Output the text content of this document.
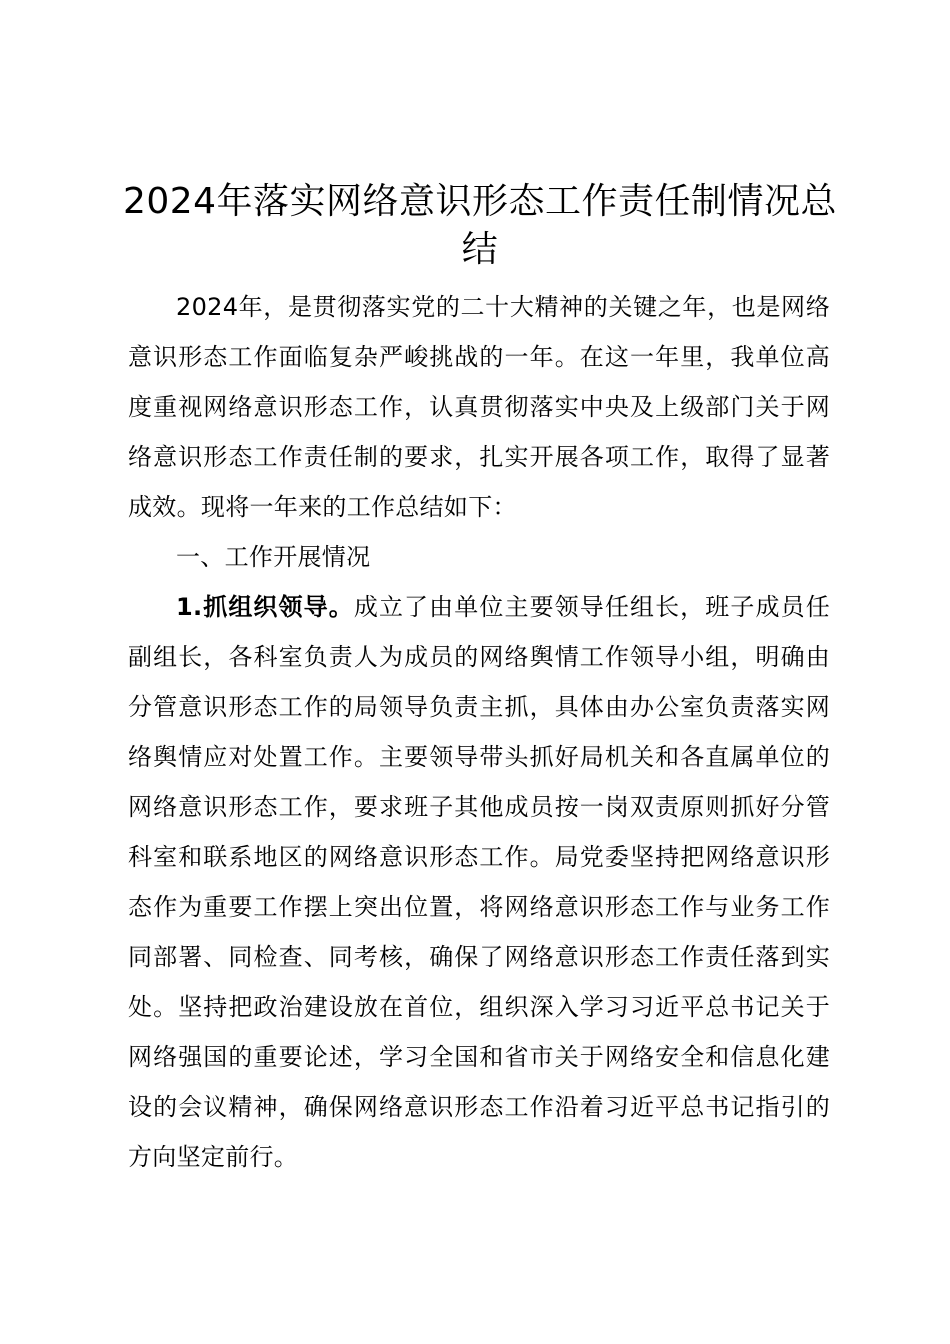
2024年落实网络意识形态工作责任制情况总结

2024年，是贯彻落实党的二十大精神的关键之年，也是网络意识形态工作面临复杂严峻挑战的一年。在这一年里，我单位高度重视网络意识形态工作，认真贯彻落实中央及上级部门关于网络意识形态工作责任制的要求，扎实开展各项工作，取得了显著成效。现将一年来的工作总结如下：

一、工作开展情况

1.抓组织领导。成立了由单位主要领导任组长，班子成员任副组长，各科室负责人为成员的网络舆情工作领导小组，明确由分管意识形态工作的局领导负责主抓，具体由办公室负责落实网络舆情应对处置工作。主要领导带头抓好局机关和各直属单位的网络意识形态工作，要求班子其他成员按一岗双责原则抓好分管科室和联系地区的网络意识形态工作。局党委坚持把网络意识形态作为重要工作摆上突出位置，将网络意识形态工作与业务工作同部署、同检查、同考核，确保了网络意识形态工作责任落到实处。坚持把政治建设放在首位，组织深入学习习近平总书记关于网络强国的重要论述，学习全国和省市关于网络安全和信息化建设的会议精神，确保网络意识形态工作沿着习近平总书记指引的方向坚定前行。
